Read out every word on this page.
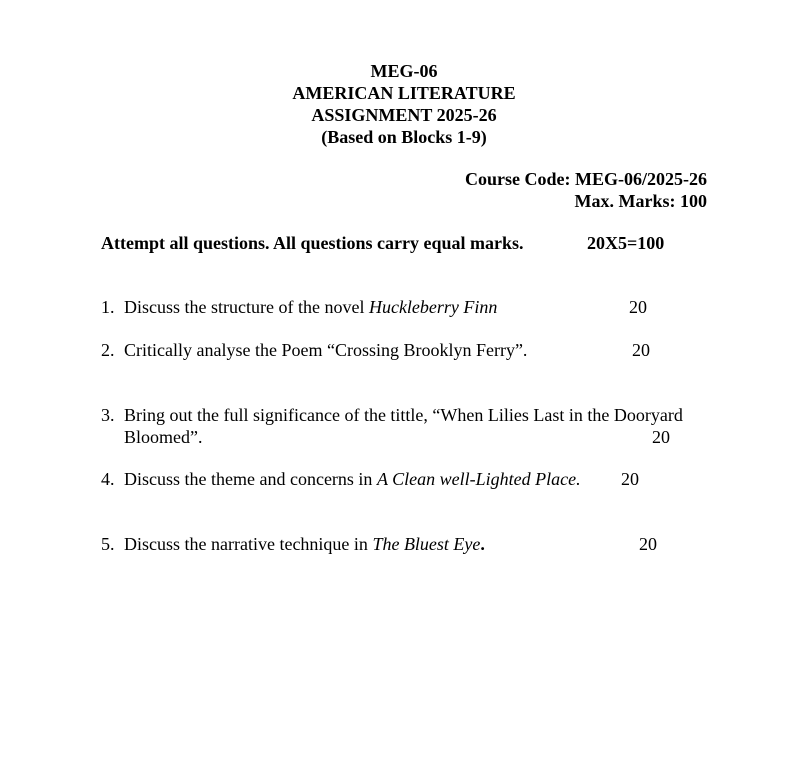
MEG-06
AMERICAN LITERATURE
ASSIGNMENT 2025-26
(Based on Blocks 1-9)
Course Code: MEG-06/2025-26
Max. Marks: 100
Attempt all questions. All questions carry equal marks.	20X5=100
1. Discuss the structure of the novel Huckleberry Finn	20
2. Critically analyse the Poem “Crossing Brooklyn Ferry”.	20
3. Bring out the full significance of the tittle, “When Lilies Last in the Dooryard
Bloomed”.	20
4. Discuss the theme and concerns in A Clean well-Lighted Place.	20
5. Discuss the narrative technique in The Bluest Eye.	20
